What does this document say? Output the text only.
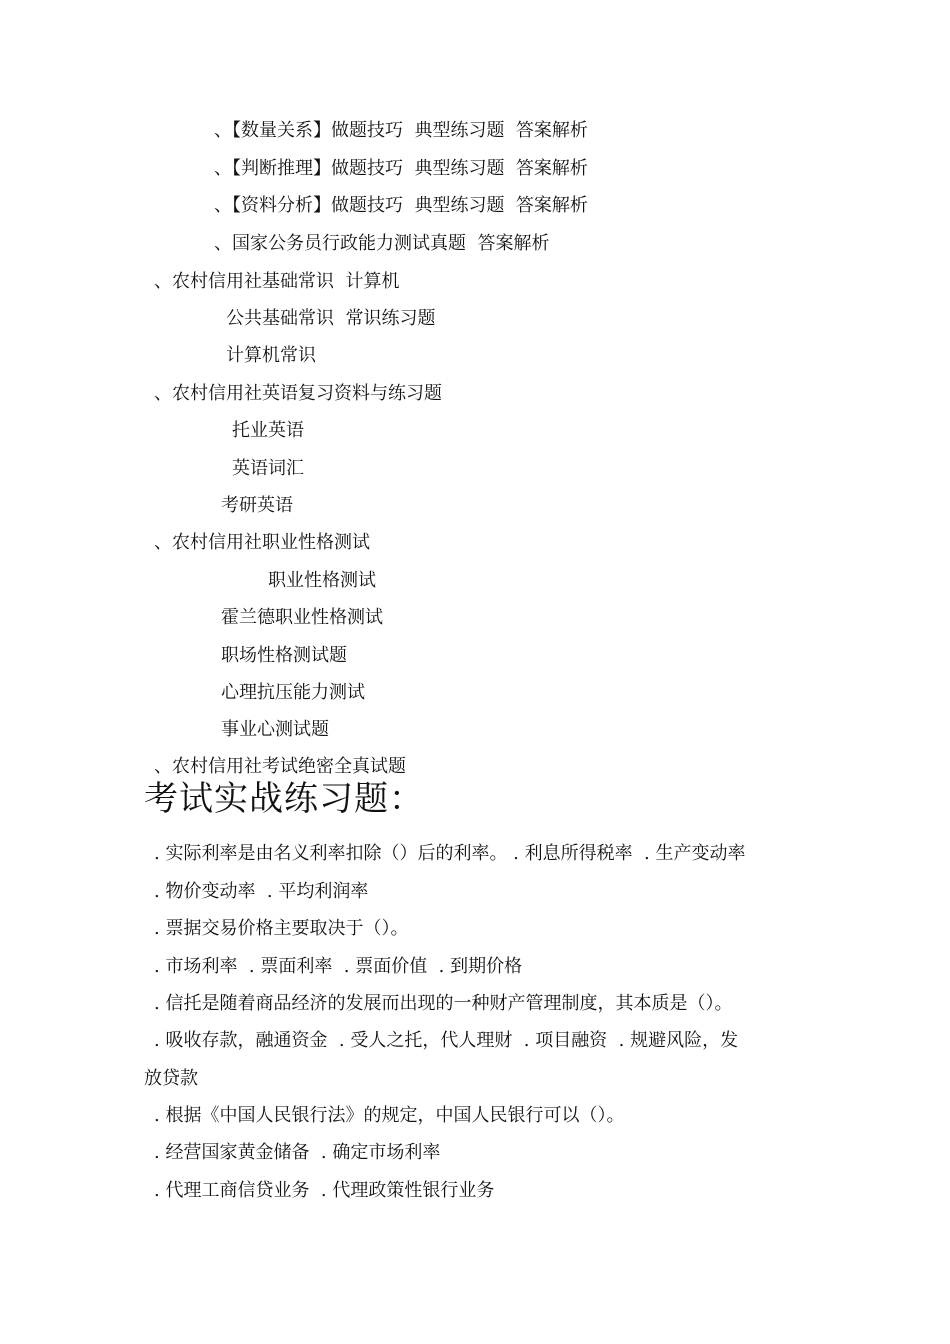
、【数量关系】做题技巧  典型练习题  答案解析
、【判断推理】做题技巧  典型练习题  答案解析
、【资料分析】做题技巧  典型练习题  答案解析
、国家公务员行政能力测试真题  答案解析
、农村信用社基础常识  计算机
公共基础常识  常识练习题
计算机常识
、农村信用社英语复习资料与练习题
托业英语
英语词汇
考研英语
、农村信用社职业性格测试
职业性格测试
霍兰德职业性格测试
职场性格测试题
心理抗压能力测试
事业心测试题
、农村信用社考试绝密全真试题
考试实战练习题：
. 实际利率是由名义利率扣除（）后的利率。 . 利息所得税率  . 生产变动率
. 物价变动率  . 平均利润率
. 票据交易价格主要取决于（）。
. 市场利率  . 票面利率  . 票面价值  . 到期价格
. 信托是随着商品经济的发展而出现的一种财产管理制度，其本质是（）。
. 吸收存款，融通资金  . 受人之托，代人理财  . 项目融资  . 规避风险，发
放贷款
. 根据《中国人民银行法》的规定，中国人民银行可以（）。
. 经营国家黄金储备  . 确定市场利率
. 代理工商信贷业务  . 代理政策性银行业务
